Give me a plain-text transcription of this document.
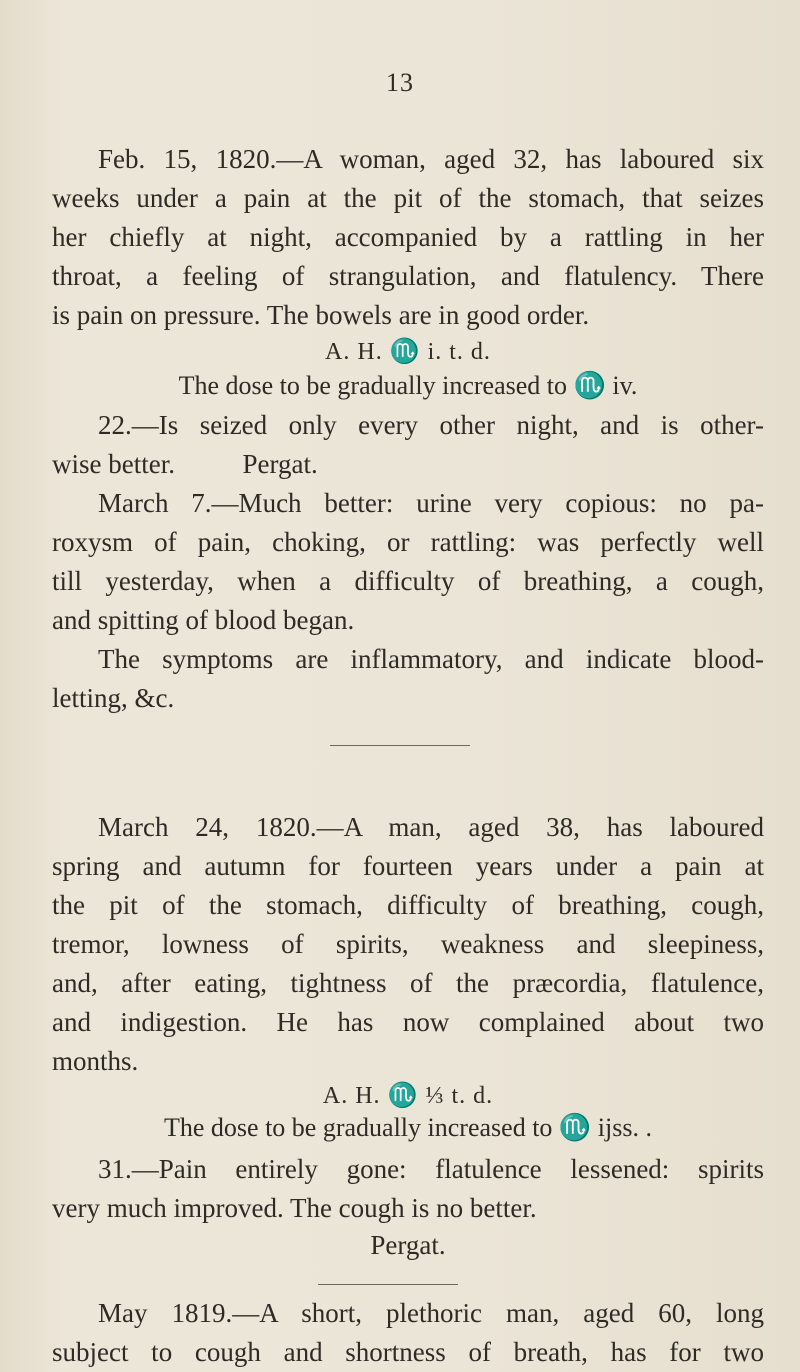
13
Feb. 15, 1820.—A woman, aged 32, has laboured six
weeks under a pain at the pit of the stomach, that seizes
her chiefly at night, accompanied by a rattling in her
throat, a feeling of strangulation, and flatulency. There
is pain on pressure. The bowels are in good order.
A. H. ♏ i. t. d.
The dose to be gradually increased to ♏ iv.
22.—Is seized only every other night, and is other-
wise better.          Pergat.
March 7.—Much better: urine very copious: no pa-
roxysm of pain, choking, or rattling: was perfectly well
till yesterday, when a difficulty of breathing, a cough,
and spitting of blood began.
The symptoms are inflammatory, and indicate blood-
letting, &c.
March 24, 1820.—A man, aged 38, has laboured
spring and autumn for fourteen years under a pain at
the pit of the stomach, difficulty of breathing, cough,
tremor, lowness of spirits, weakness and sleepiness,
and, after eating, tightness of the præcordia, flatulence,
and indigestion. He has now complained about two
months.
A. H. ♏ ⅓ t. d.
The dose to be gradually increased to ♏ ijss. .
31.—Pain entirely gone: flatulence lessened: spirits
very much improved. The cough is no better.
Pergat.
May 1819.—A short, plethoric man, aged 60, long
subject to cough and shortness of breath, has for two
